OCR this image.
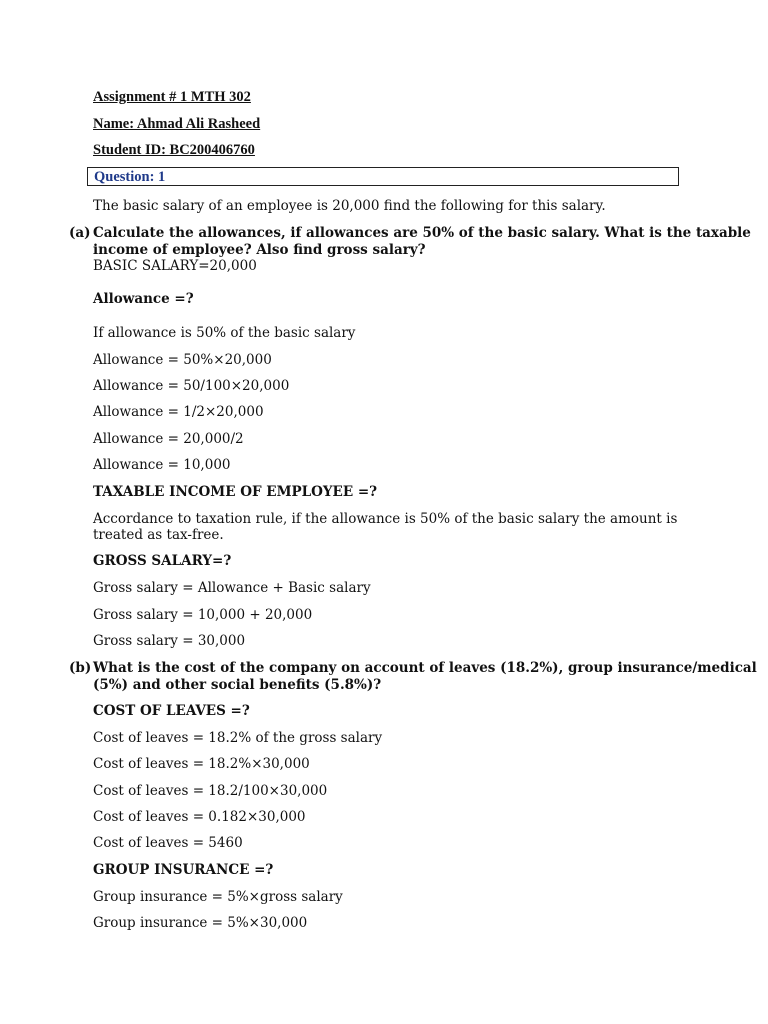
Assignment # 1 MTH 302
Name: Ahmad Ali Rasheed
Student ID: BC200406760
Question: 1
The basic salary of an employee is 20,000 find the following for this salary.
(a) Calculate the allowances, if allowances are 50% of the basic salary. What is the taxable
income of employee? Also find gross salary?
BASIC SALARY=20,000
Allowance =?
If allowance is 50% of the basic salary
Allowance = 50%×20,000
Allowance = 50/100×20,000
Allowance = 1/2×20,000
Allowance = 20,000/2
Allowance = 10,000
TAXABLE INCOME OF EMPLOYEE =?
Accordance to taxation rule, if the allowance is 50% of the basic salary the amount is treated as tax-free.
GROSS SALARY=?
Gross salary = Allowance + Basic salary
Gross salary = 10,000 + 20,000
Gross salary = 30,000
(b) What is the cost of the company on account of leaves (18.2%), group insurance/medical
(5%) and other social benefits (5.8%)?
COST OF LEAVES =?
Cost of leaves = 18.2% of the gross salary
Cost of leaves = 18.2%×30,000
Cost of leaves = 18.2/100×30,000
Cost of leaves = 0.182×30,000
Cost of leaves = 5460
GROUP INSURANCE =?
Group insurance = 5%×gross salary
Group insurance = 5%×30,000
